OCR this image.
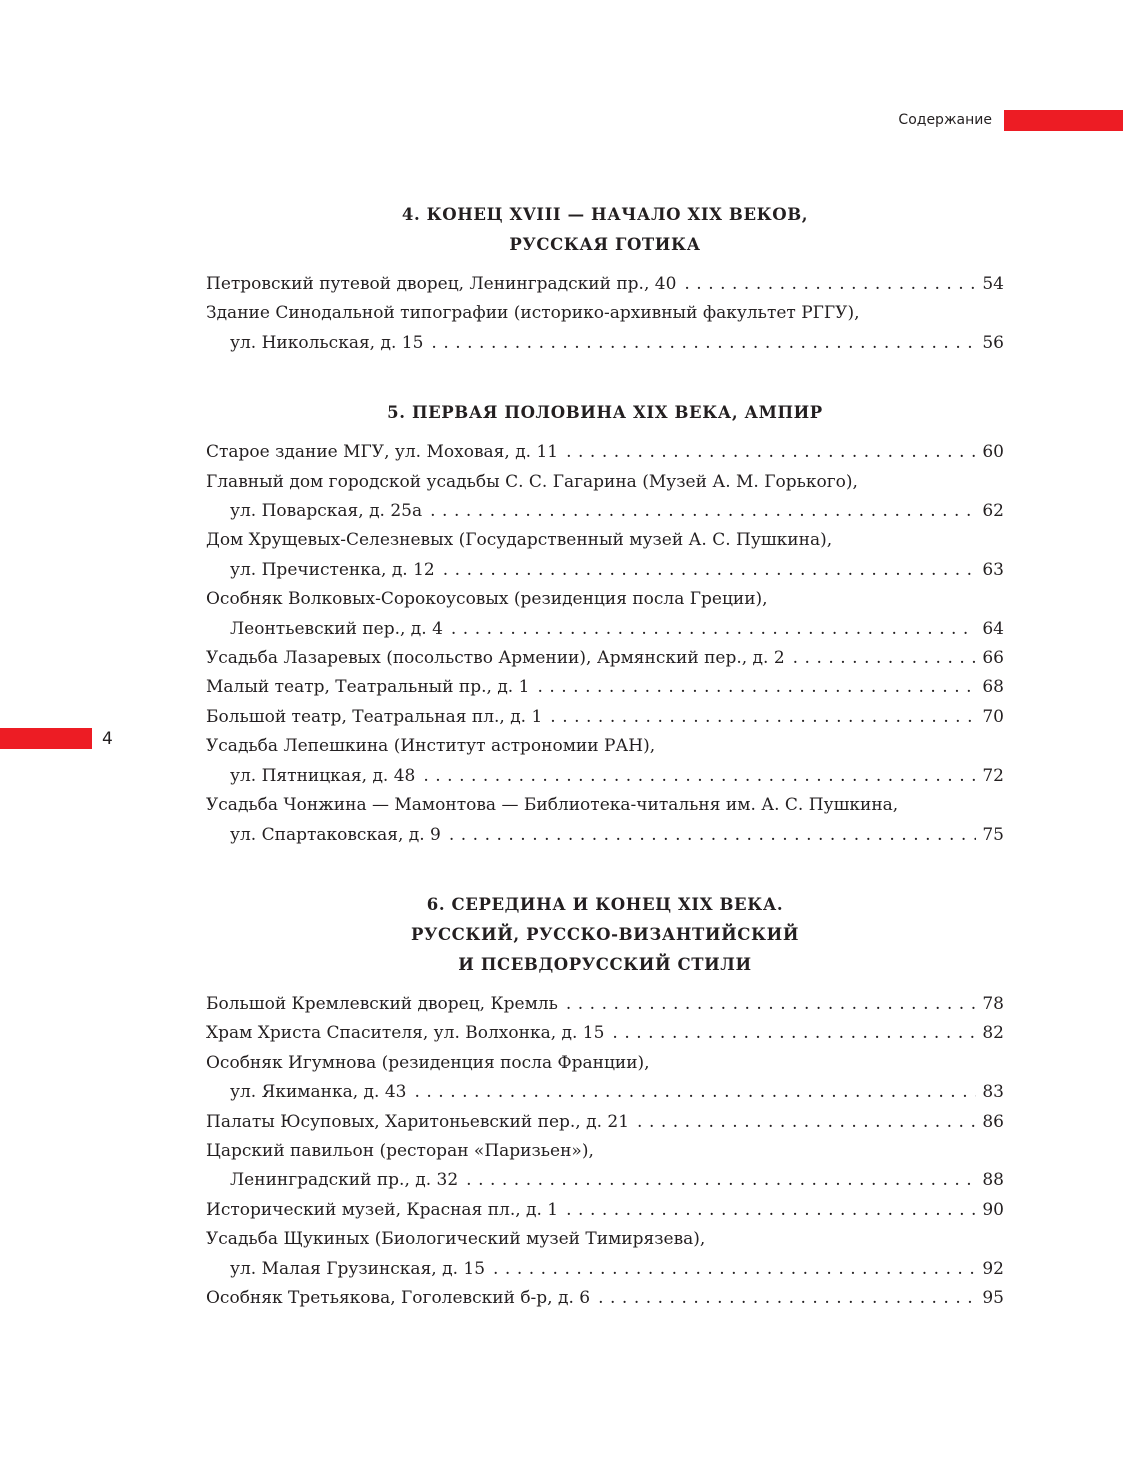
Содержание
4
4. КОНЕЦ XVIII — НАЧАЛО XIX ВЕКОВ,
РУССКАЯ ГОТИКА
Петровский путевой дворец, Ленинградский пр., 40 . . .	54
Здание Синодальной типографии (историко-архивный факультет РГГУ),
ул. Никольская, д. 15 . . .	56
5. ПЕРВАЯ ПОЛОВИНА XIX ВЕКА, АМПИР
Старое здание МГУ, ул. Моховая, д. 11 . . .	60
Главный дом городской усадьбы С. С. Гагарина (Музей А. М. Горького),
ул. Поварская, д. 25а . . .	62
Дом Хрущевых-Селезневых (Государственный музей А. С. Пушкина),
ул. Пречистенка, д. 12 . . .	63
Особняк Волковых-Сорокоусовых (резиденция посла Греции),
Леонтьевский пер., д. 4 . . .	64
Усадьба Лазаревых (посольство Армении), Армянский пер., д. 2 . . .	66
Малый театр, Театральный пр., д. 1 . . .	68
Большой театр, Театральная пл., д. 1 . . .	70
Усадьба Лепешкина (Институт астрономии РАН),
ул. Пятницкая, д. 48 . . .	72
Усадьба Чонжина — Мамонтова — Библиотека-читальня им. А. С. Пушкина,
ул. Спартаковская, д. 9 . . .	75
6. СЕРЕДИНА И КОНЕЦ XIX ВЕКА.
РУССКИЙ, РУССКО-ВИЗАНТИЙСКИЙ
И ПСЕВДОРУССКИЙ СТИЛИ
Большой Кремлевский дворец, Кремль . . .	78
Храм Христа Спасителя, ул. Волхонка, д. 15 . . .	82
Особняк Игумнова (резиденция посла Франции),
ул. Якиманка, д. 43 . . .	83
Палаты Юсуповых, Харитоньевский пер., д. 21 . . .	86
Царский павильон (ресторан «Паризьен»),
Ленинградский пр., д. 32 . . .	88
Исторический музей, Красная пл., д. 1 . . .	90
Усадьба Щукиных (Биологический музей Тимирязева),
ул. Малая Грузинская, д. 15 . . .	92
Особняк Третьякова, Гоголевский б-р, д. 6 . . .	95
